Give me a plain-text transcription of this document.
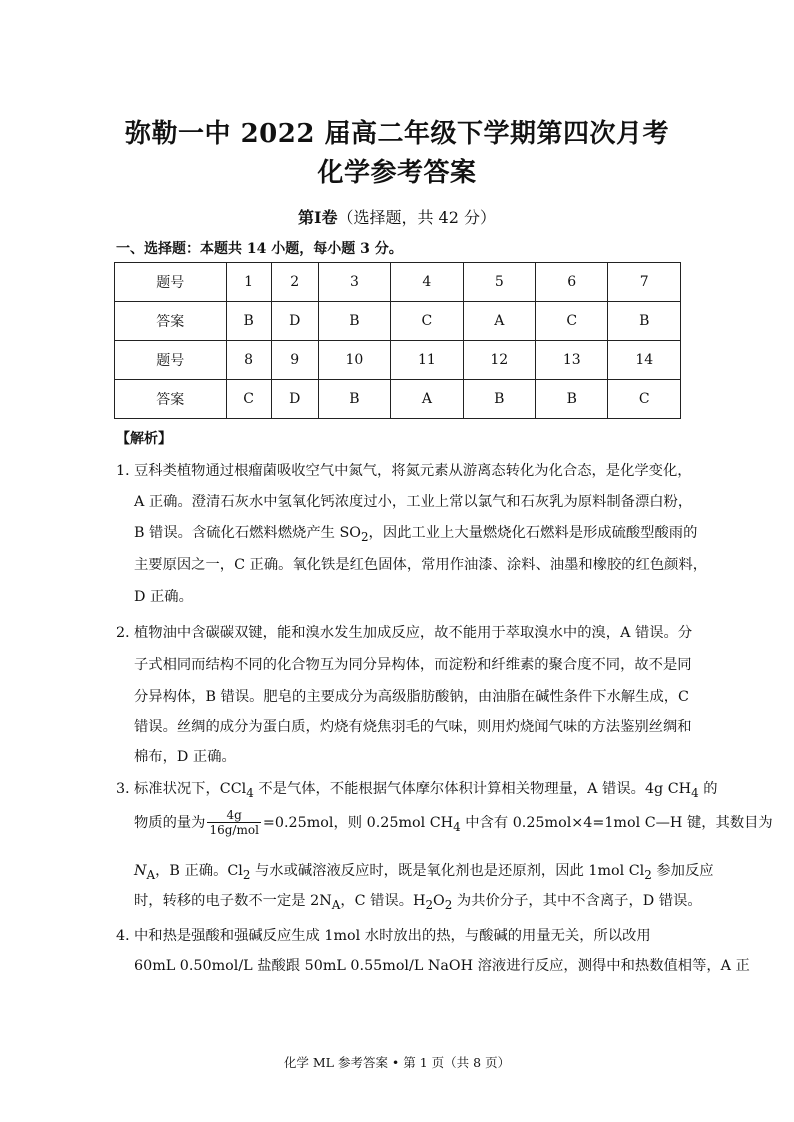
弥勒一中 2022 届高二年级下学期第四次月考
化学参考答案
第Ⅰ卷（选择题，共 42 分）
一、选择题：本题共 14 小题，每小题 3 分。
题号	1	2	3	4	5	6	7
答案	B	D	B	C	A	C	B
题号	8	9	10	11	12	13	14
答案	C	D	B	A	B	B	C
【解析】
1．
豆科类植物通过根瘤菌吸收空气中氮气，将氮元素从游离态转化为化合态，是化学变化，
A 正确。澄清石灰水中氢氧化钙浓度过小，工业上常以氯气和石灰乳为原料制备漂白粉，
B 错误。含硫化石燃料燃烧产生 $SO_2$，因此工业上大量燃烧化石燃料是形成硫酸型酸雨的
主要原因之一，C 正确。氧化铁是红色固体，常用作油漆、涂料、油墨和橡胶的红色颜料，
D 正确。
2．
植物油中含碳碳双键，能和溴水发生加成反应，故不能用于萃取溴水中的溴，A 错误。分
子式相同而结构不同的化合物互为同分异构体，而淀粉和纤维素的聚合度不同，故不是同
分异构体，B 错误。肥皂的主要成分为高级脂肪酸钠，由油脂在碱性条件下水解生成，C
错误。丝绸的成分为蛋白质，灼烧有烧焦羽毛的气味，则用灼烧闻气味的方法鉴别丝绸和
棉布，D 正确。
3．
标准状况下，CCl$_4$ 不是气体，不能根据气体摩尔体积计算相关物理量，A 错误。4g $CH_4$ 的
物质的量为 $\frac{4g}{\text{16g/mol}} =0.25mol$，则 0.25mol $CH_4$ 中含有 0.25mol×4=1mol C—H 键，其数目为
$N_A$，B 正确。$Cl_2$ 与水或碱溶液反应时，既是氧化剂也是还原剂，因此 1mol $Cl_2$ 参加反应
时，转移的电子数不一定是 $2N_A$，C 错误。$H_2O_2$ 为共价分子，其中不含离子，D 错误。
4．
中和热是强酸和强碱反应生成 1mol 水时放出的热，与酸碱的用量无关，所以改用
60mL 0.50mol/L 盐酸跟 50mL 0.55mol/L NaOH 溶液进行反应，测得中和热数值相等，A 正
化学 ML 参考答案 • 第 1 页（共 8 页）
